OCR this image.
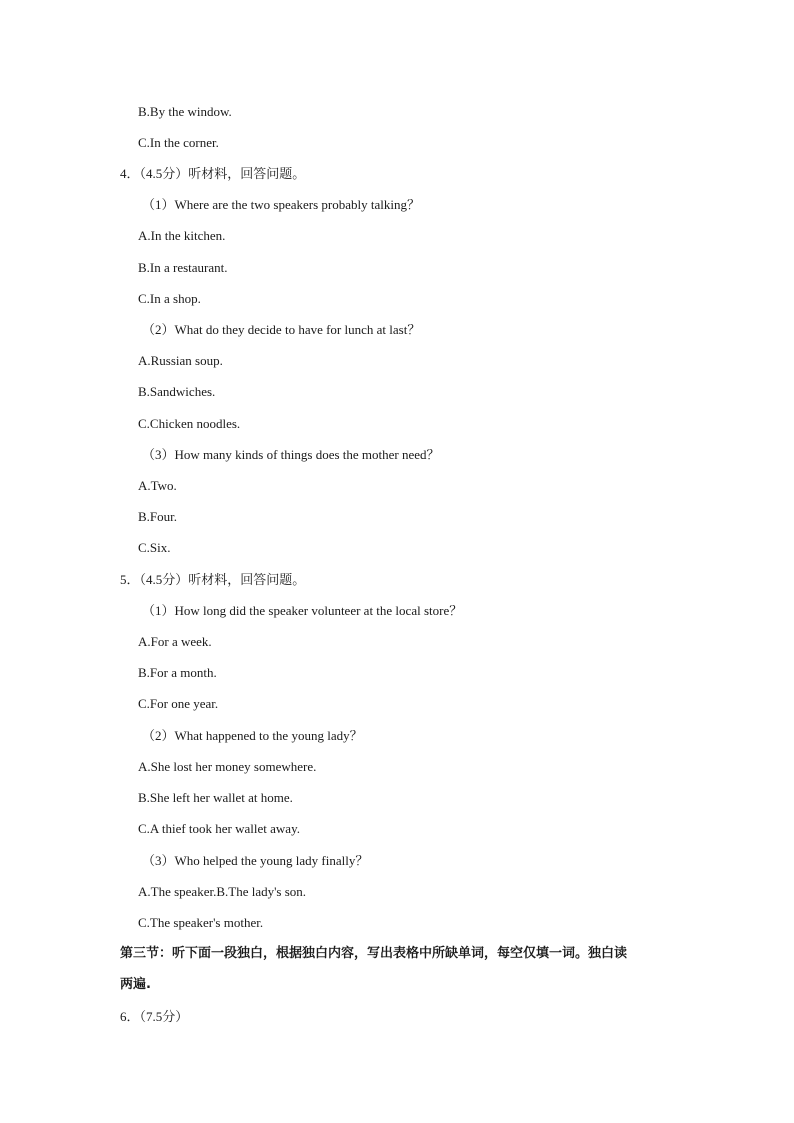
B.By the window.
C.In the corner.
4．（4.5分）听材料，回答问题。
（1）Where are the two speakers probably talking？
A.In the kitchen.
B.In a restaurant.
C.In a shop.
（2）What do they decide to have for lunch at last？
A.Russian soup.
B.Sandwiches.
C.Chicken noodles.
（3）How many kinds of things does the mother need？
A.Two.
B.Four.
C.Six.
5．（4.5分）听材料，回答问题。
（1）How long did the speaker volunteer at the local store？
A.For a week.
B.For a month.
C.For one year.
（2）What happened to the young lady？
A.She lost her money somewhere.
B.She left her wallet at home.
C.A thief took her wallet away.
（3）Who helped the young lady finally？
A.The speaker.B.The lady's son.
C.The speaker's mother.
第三节：听下面一段独白，根据独白内容，写出表格中所缺单词，每空仅填一词。独白读
两遍.
6．（7.5分）
